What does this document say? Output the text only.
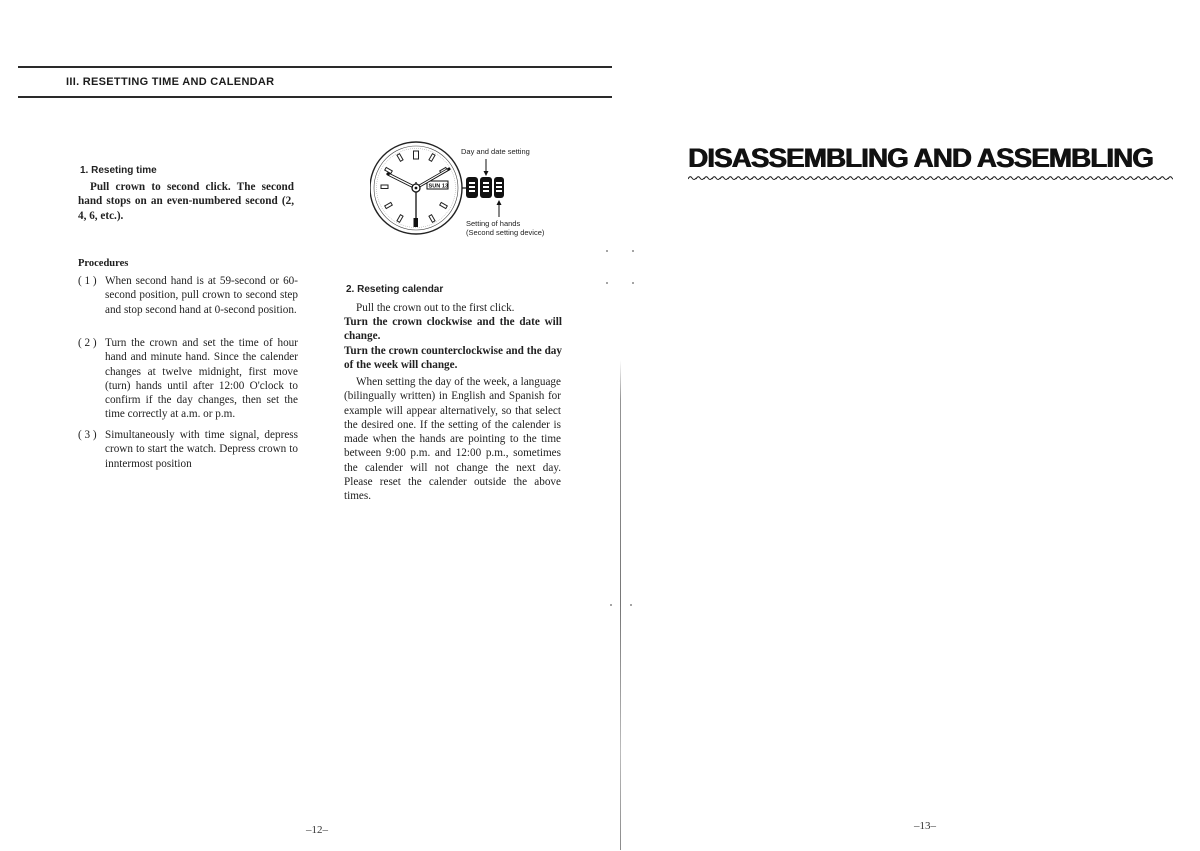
III. RESETTING TIME AND CALENDAR
1. Reseting time
Pull crown to second click. The second hand stops on an even-numbered second (2, 4, 6, etc.).
Procedures
( 1 ) When second hand is at 59-second or 60-second position, pull crown to second step and stop second hand at 0-second position.
( 2 ) Turn the crown and set the time of hour hand and minute hand. Since the calender changes at twelve midnight, first move (turn) hands until after 12:00 O'clock to confirm if the day changes, then set the time correctly at a.m. or p.m.
( 3 ) Simultaneously with time signal, depress crown to start the watch. Depress crown to inntermost position
SUN 13
Day and date setting
Setting of hands
(Second setting device)
2. Reseting calendar
Pull the crown out to the first click.
Turn the crown clockwise and the date will change.
Turn the crown counterclockwise and the day of the week will change.
When setting the day of the week, a language (bilingually written) in English and Spanish for example will appear alternatively, so that select the desired one. If the setting of the calender is made when the hands are pointing to the time between 9:00 p.m. and 12:00 p.m., sometimes the calender will not change the next day. Please reset the calender outside the above times.
–12–
DISASSEMBLING AND ASSEMBLING
–13–
